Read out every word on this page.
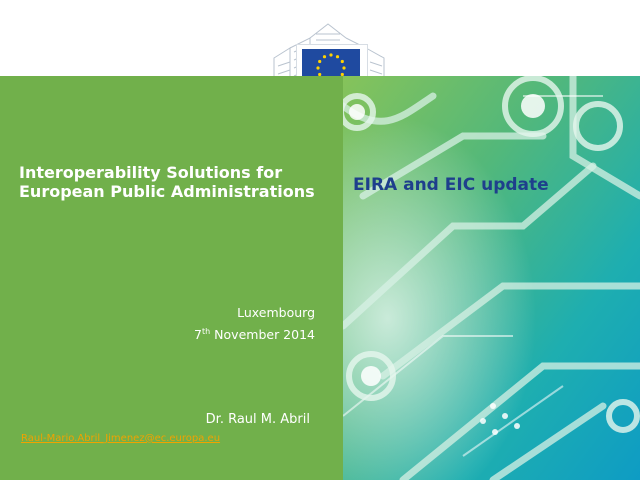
Interoperability Solutions for European Public Administrations	EIRA and EIC update
Luxembourg
7th November 2014
Dr. Raul M. Abril
Raul-Mario.Abril_Jimenez@ec.europa.eu
